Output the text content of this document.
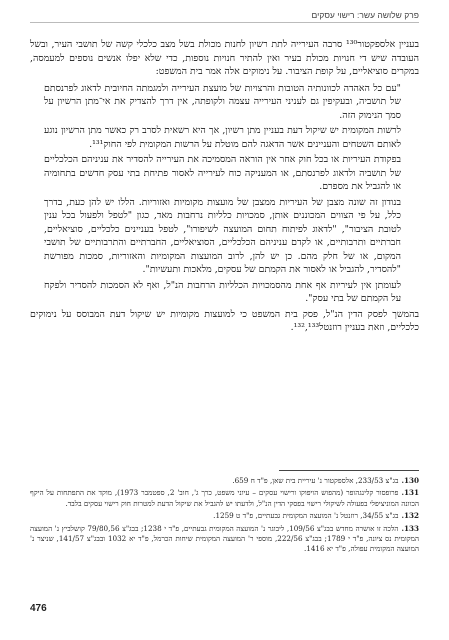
פרק שלושה עשר: רישוי עסקים

בעניין אלספקטור¹³⁰ סרבה העירייה לתת רשיון לחנות מכולת בשל מצב כלכלי קשה של תושבי העיר, ובשל העובדה שיש די חנויות מכולת בעיר ואין להתיר חנויות נוספות, כדי שלא יפלו אנשים נוספים למעמסה, במקרים סוציאליים, על קופת הציבור. על נימוקים אלה אמר בית המשפט:

"עם כל האהדה לכוונותיה הטובות והרצויות של מועצת העירייה ולמגמתה החיובית לדאוג לפרנסתם של תושביה, ובעקיפין גם לעניני העירייה עצמה ולקופתה, אין דרך להצדיק את אי־מתן הרשיון על סמך הנימוק הזה.

לרשות המקומית יש שיקול דעת בעניין מתן רשיון, אך היא רשאית לסרב רק כאשר מתן הרשיון נוגע לאותם השטחים והעניינים אשר הדאגה להם מוטלת על הרשות המקומית לפי החוק¹³¹.

בפקודת העיריות או בכל חוק אחר אין הוראה המסמיכה את העירייה להסדיר את עניניהם הכלכליים של תושביה ולדאוג לפרנסתם, או המעניקה כוח לעירייה לאסור פתיחת בתי עסק חדשים בתחומיה או להגביל את מספרם.

בנודון זה שונה מצבן של העיריות ממצבן של מועצות מקומיות ואזוריות. הללו יש להן כעת, בדרך כלל, על פי הצווים המכוננים אותן, סמכויות כלליות נרחבות מאד, כגון "לטפל ולפעול בכל ענין לטובת הציבור", "לדאוג לפיתוח תחום המועצה לשיפורו", לטפל בעניינים כלכליים, סוציאליים, חברתיים ותרבותיים, או לקדם עניניהם הכלכליים, הסוציאליים, החברתיים והתרבותיים של תושבי המקום, או של חלק מהם. כן יש להן, לרוב המועצות המקומיות והאזוריות, סמכות מפורשת "להסדיר, להגביל או לאסור את הקמתם של עסקים, מלאכות ותעשיות".

לעומתן אין לעיריות אף אחת מהסמכויות הכלליות הרחבות הנ"ל, ואף לא הסמכות להסדיר ולפקח על הקמתם של בתי עסק".

בהמשך לפסק הדין הנ"ל, פסק בית המשפט כי למועצות מקומיות יש שיקול דעת המבוסס על נימוקים כלכליים, וזאת בעניין רוזנטל¹³²,¹³³.

130.בג"צ 233/53, אלספקטור נ' עיריית בית שאן, פ"ד ח 659.

131.פרופסור קלינגהופר (מהפוש הויפוקו ורישוי עסקים – עיוני משפט, כרך ג', חוב' 2, ספטמבר 1973), מוקד את התפתחות על היקף הכוונה המוניציפלי בפעולה לשיקולי רישוי בפסקי הדין הנ"ל, ולדעתו יש להגביל את שיקול הדעת למטרות חוק רישוי עסקים בלבד.

132.בג"צ 34/55, רוזנטל נ' המועצה המקומית גבעתיים, פ"ד ט 1259.

133.הלכה זו אושרה מחדש בבג"צ 109/56, ליבוגר נ' המועצה המקומית גבעתיים, פ"ד י 1238; בבג"צ 79/80,56 קושלביץ נ' המועצה המקומית נס ציונה, פ"ד י 1789; בבג"צ 222/56, מוספי ר' המועצה המקומית שיחות הכרמל, פ"ד יא 1032 ובבג"צ 141/57, שניצר נ' המועצה המקומית עפולה, פ"ד יא 1416.

476
